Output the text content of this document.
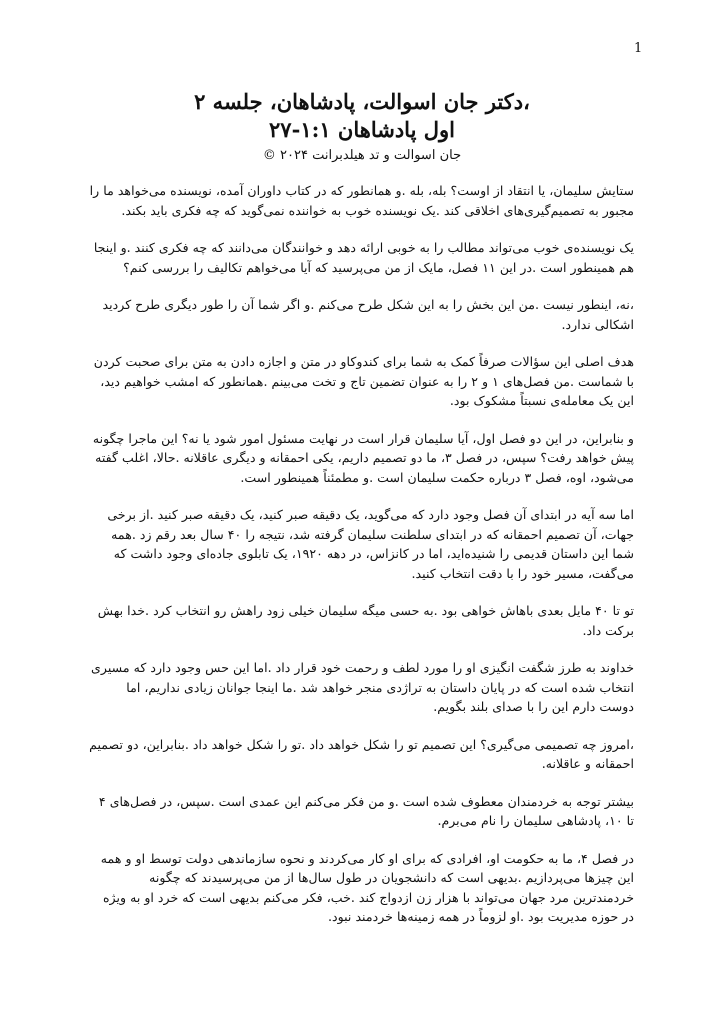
1
،دکتر جان اسوالت، پادشاهان، جلسه ۲
اول پادشاهان ۱:۱-۲۷
جان اسوالت و تد هیلدبرانت ۲۰۲۴ ©

ستایش سلیمان، یا انتقاد از اوست؟ بله، بله .و همانطور که در کتاب داوران آمده، نویسنده می‌خواهد ما را مجبور به تصمیم‌گیری‌های اخلاقی کند .یک نویسنده خوب به خواننده نمی‌گوید که چه فکری باید بکند.

یک نویسنده‌ی خوب می‌تواند مطالب را به خوبی ارائه دهد و خوانندگان می‌دانند که چه فکری کنند .و اینجا هم همینطور است .در این ۱۱ فصل، مایک از من می‌پرسید که آیا می‌خواهم تکالیف را بررسی کنم؟

،نه، اینطور نیست .من این بخش را به این شکل طرح می‌کنم .و اگر شما آن را طور دیگری طرح کردید اشکالی ندارد.

هدف اصلی این سؤالات صرفاً کمک به شما برای کندوکاو در متن و اجازه دادن به متن برای صحبت کردن با شماست .من فصل‌های ۱ و ۲ را به عنوان تضمین تاج و تخت می‌بینم .همانطور که امشب خواهیم دید، این یک معامله‌ی نسبتاً مشکوک بود.

و بنابراین، در این دو فصل اول، آیا سلیمان قرار است در نهایت مسئول امور شود یا نه؟ این ماجرا چگونه پیش خواهد رفت؟ سپس، در فصل ۳، ما دو تصمیم داریم، یکی احمقانه و دیگری عاقلانه .حالا، اغلب گفته می‌شود، اوه، فصل ۳ درباره حکمت سلیمان است .و مطمئناً همینطور است.

اما سه آیه در ابتدای آن فصل وجود دارد که می‌گوید، یک دقیقه صبر کنید، یک دقیقه صبر کنید .از برخی جهات، آن تصمیم احمقانه که در ابتدای سلطنت سلیمان گرفته شد، نتیجه را ۴۰ سال بعد رقم زد .همه شما این داستان قدیمی را شنیده‌اید، اما در کانزاس، در دهه ۱۹۲۰، یک تابلوی جاده‌ای وجود داشت که می‌گفت، مسیر خود را با دقت انتخاب کنید.

تو تا ۴۰ مایل بعدی باهاش خواهی بود .به حسی میگه سلیمان خیلی زود راهش رو انتخاب کرد .خدا بهش برکت داد.

خداوند به طرز شگفت انگیزی او را مورد لطف و رحمت خود قرار داد .اما این حس وجود دارد که مسیری انتخاب شده است که در پایان داستان به تراژدی منجر خواهد شد .ما اینجا جوانان زیادی نداریم، اما دوست دارم این را با صدای بلند بگویم.

،امروز چه تصمیمی می‌گیری؟ این تصمیم تو را شکل خواهد داد .تو را شکل خواهد داد .بنابراین، دو تصمیم احمقانه و عاقلانه.

بیشتر توجه به خردمندان معطوف شده است .و من فکر می‌کنم این عمدی است .سپس، در فصل‌های ۴ تا ۱۰، پادشاهی سلیمان را نام می‌برم.

در فصل ۴، ما به حکومت او، افرادی که برای او کار می‌کردند و نحوه سازماندهی دولت توسط او و همه این چیزها می‌پردازیم .بدیهی است که دانشجویان در طول سال‌ها از من می‌پرسیدند که چگونه خردمندترین مرد جهان می‌تواند با هزار زن ازدواج کند .خب، فکر می‌کنم بدیهی است که خرد او به ویژه در حوزه مدیریت بود .او لزوماً در همه زمینه‌ها خردمند نبود.
